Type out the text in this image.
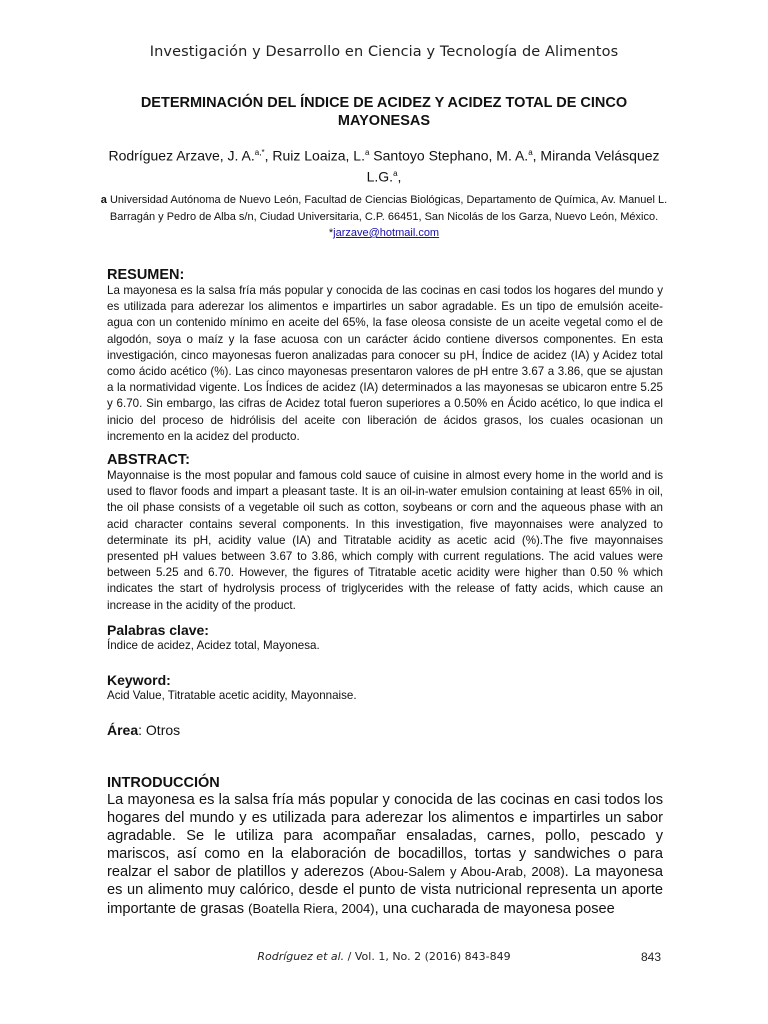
Investigación y Desarrollo en Ciencia y Tecnología de Alimentos
DETERMINACIÓN DEL ÍNDICE DE ACIDEZ Y ACIDEZ TOTAL DE CINCO
MAYONESAS
Rodríguez Arzave, J. A.$^{a,*}$, Ruiz Loaiza, L.$^a$ Santoyo Stephano, M. A.$^a$, Miranda Velásquez
L.G.$^a$,
a Universidad Autónoma de Nuevo León, Facultad de Ciencias Biológicas, Departamento de Química, Av. Manuel L. Barragán y Pedro de Alba s/n, Ciudad Universitaria, C.P. 66451, San Nicolás de los Garza, Nuevo León, México. *jarzave@hotmail.com
RESUMEN:

La mayonesa es la salsa fría más popular y conocida de las cocinas en casi todos los hogares del mundo y es utilizada para aderezar los alimentos e impartirles un sabor agradable. Es un tipo de emulsión aceite-agua con un contenido mínimo en aceite del 65%, la fase oleosa consiste de un aceite vegetal como el de algodón, soya o maíz y la fase acuosa con un carácter ácido contiene diversos componentes. En esta investigación, cinco mayonesas fueron analizadas para conocer su pH, Índice de acidez (IA) y Acidez total como ácido acético (%). Las cinco mayonesas presentaron valores de pH entre 3.67 a 3.86, que se ajustan a la normatividad vigente. Los Índices de acidez (IA) determinados a las mayonesas se ubicaron entre 5.25 y 6.70. Sin embargo, las cifras de Acidez total fueron superiores a 0.50% en Ácido acético, lo que indica el inicio del proceso de hidrólisis del aceite con liberación de ácidos grasos, los cuales ocasionan un incremento en la acidez del producto.

ABSTRACT:

Mayonnaise is the most popular and famous cold sauce of cuisine in almost every home in the world and is used to flavor foods and impart a pleasant taste. It is an oil-in-water emulsion containing at least 65% in oil, the oil phase consists of a vegetable oil such as cotton, soybeans or corn and the aqueous phase with an acid character contains several components. In this investigation, five mayonnaises were analyzed to determinate its pH, acidity value (IA) and Titratable acidity as acetic acid (%).The five mayonnaises presented pH values between 3.67 to 3.86, which comply with current regulations. The acid values were between 5.25 and 6.70. However, the figures of Titratable acetic acidity were higher than 0.50 % which indicates the start of hydrolysis process of triglycerides with the release of fatty acids, which cause an increase in the acidity of the product.

Palabras clave:

Índice de acidez, Acidez total, Mayonesa.

Keyword:

Acid Value, Titratable acetic acidity, Mayonnaise.

Área: Otros
INTRODUCCIÓN

La mayonesa es la salsa fría más popular y conocida de las cocinas en casi todos los hogares del mundo y es utilizada para aderezar los alimentos e impartirles un sabor agradable. Se le utiliza para acompañar ensaladas, carnes, pollo, pescado y mariscos, así como en la elaboración de bocadillos, tortas y sandwiches o para realzar el sabor de platillos y aderezos (Abou-Salem y Abou-Arab, 2008). La mayonesa es un alimento muy calórico, desde el punto de vista nutricional representa un aporte importante de grasas (Boatella Riera, 2004), una cucharada de mayonesa posee

Rodríguez et al. / Vol. 1, No. 2 (2016) 843-849	843
